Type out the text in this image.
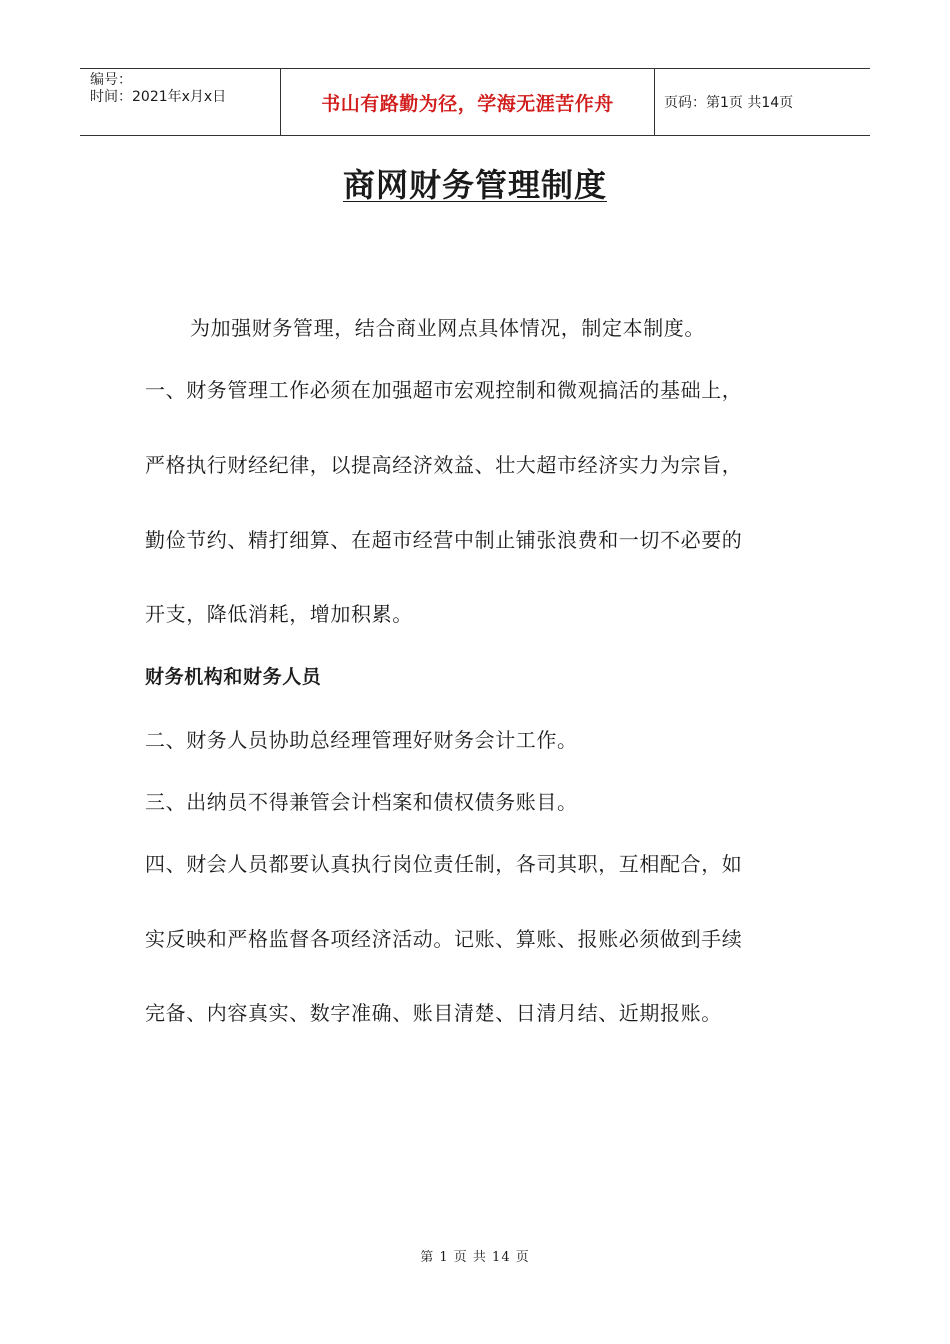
编号：
时间：2021年x月x日	书山有路勤为径，学海无涯苦作舟	页码：第1页 共14页
商网财务管理制度
为加强财务管理，结合商业网点具体情况，制定本制度。
一、财务管理工作必须在加强超市宏观控制和微观搞活的基础上，
严格执行财经纪律，以提高经济效益、壮大超市经济实力为宗旨，
勤俭节约、精打细算、在超市经营中制止铺张浪费和一切不必要的
开支，降低消耗，增加积累。
财务机构和财务人员
二、财务人员协助总经理管理好财务会计工作。
三、出纳员不得兼管会计档案和债权债务账目。
四、财会人员都要认真执行岗位责任制，各司其职，互相配合，如
实反映和严格监督各项经济活动。记账、算账、报账必须做到手续
完备、内容真实、数字准确、账目清楚、日清月结、近期报账。
第 1 页 共 14 页
